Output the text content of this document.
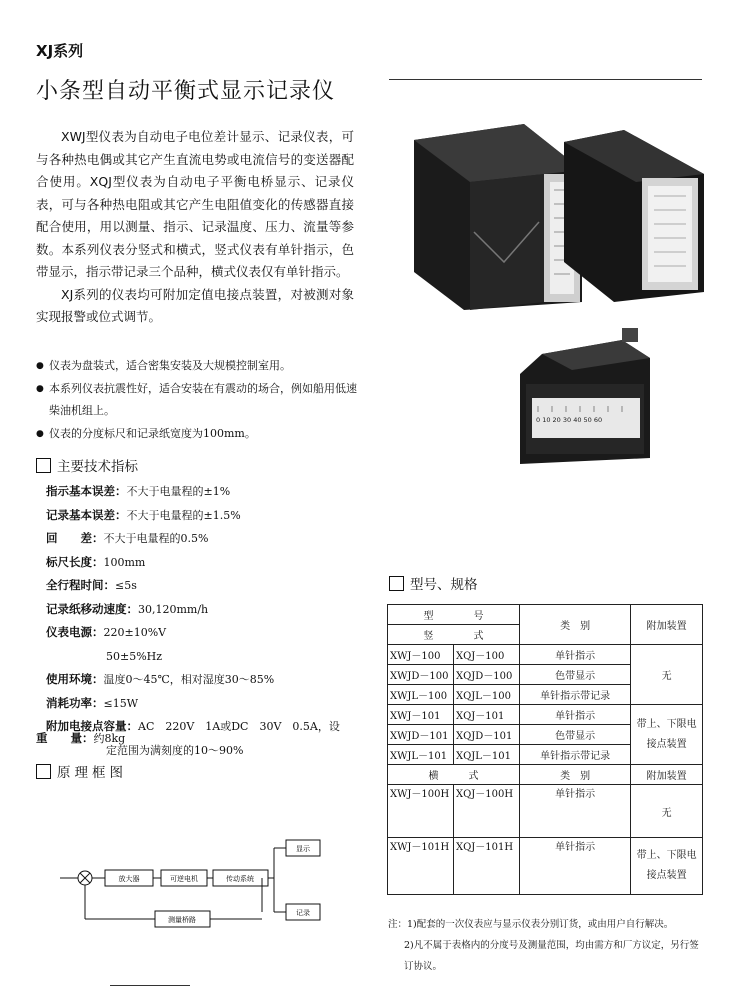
XJ系列
小条型自动平衡式显示记录仪

XWJ型仪表为自动电子电位差计显示、记录仪表，可与各种热电偶或其它产生直流电势或电流信号的变送器配合使用。XQJ型仪表为自动电子平衡电桥显示、记录仪表，可与各种热电阻或其它产生电阻值变化的传感器直接配合使用，用以测量、指示、记录温度、压力、流量等参数。本系列仪表分竖式和横式，竖式仪表有单针指示，色带显示，指示带记录三个品种，横式仪表仅有单针指示。

XJ系列的仪表均可附加定值电接点装置，对被测对象实现报警或位式调节。

● 仪表为盘装式，适合密集安装及大规模控制室用。
● 本系列仪表抗震性好，适合安装在有震动的场合，例如船用低速柴油机组上。
● 仪表的分度标尺和记录纸宽度为100mm。
主要技术指标
指示基本误差：不大于电量程的±1%
记录基本误差：不大于电量程的±1.5%
回　　差：不大于电量程的0.5%
标尺长度：100mm
全行程时间：≤5s
记录纸移动速度：30,120mm/h
仪表电源：220±10%V
50±5%Hz
使用环境：温度0～45℃，相对湿度30～85%
消耗功率：≤15W
附加电接点容量：AC　220V　1A或DC　30V　0.5A，设
定范围为满刻度的10～90%
重　　量：约8kg
原理框图
放大器	可逆电机	传动系统
显示
记录
测量桥路
0 10 20 30 40 50 60
型号、规格
型　　　　号		类　别	附加装置
竖　　　　式			
XWJ－100	XQJ－100	单针指示	无
XWJD－100	XQJD－100	色带显示	
XWJL－100	XQJL－100	单针指示带记录	
XWJ－101	XQJ－101	单针指示	带上、下限电接点装置
XWJD－101	XQJD－101	色带显示	
XWJL－101	XQJL－101	单针指示带记录	
横　　　式		类　别	附加装置
XWJ－100H	XQJ－100H	单针指示	无
XWJ－101H	XQJ－101H	单针指示	带上、下限电接点装置
注：1)配套的一次仪表应与显示仪表分别订货，或由用户自行解决。
2)凡不属于表格内的分度号及测量范围，均由需方和厂方议定，另行签订协议。
